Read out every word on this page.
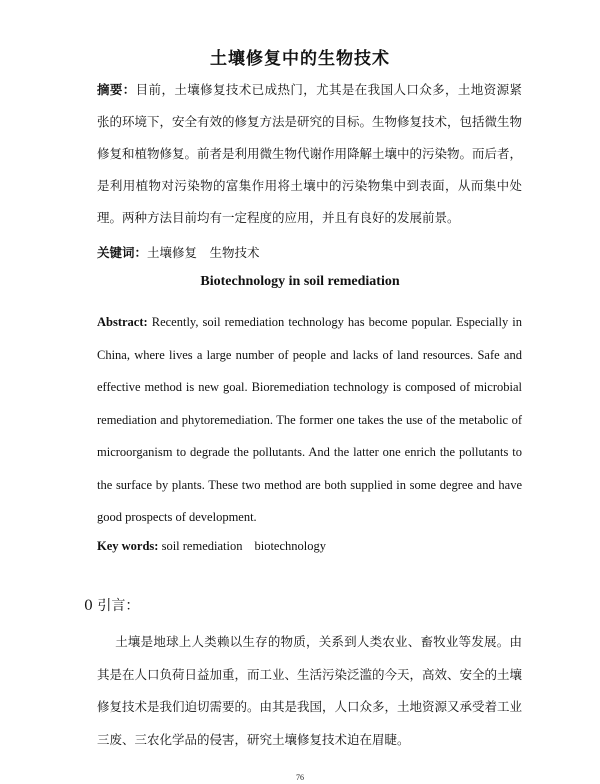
土壤修复中的生物技术
摘要：目前，土壤修复技术已成热门，尤其是在我国人口众多，土地资源紧张的环境下，安全有效的修复方法是研究的目标。生物修复技术，包括微生物修复和植物修复。前者是利用微生物代谢作用降解土壤中的污染物。而后者，是利用植物对污染物的富集作用将土壤中的污染物集中到表面，从而集中处理。两种方法目前均有一定程度的应用，并且有良好的发展前景。
关键词：土壤修复　生物技术
Biotechnology in soil remediation
Abstract: Recently, soil remediation technology has become popular. Especially in China, where lives a large number of people and lacks of land resources. Safe and effective method is new goal. Bioremediation technology is composed of microbial remediation and phytoremediation. The former one takes the use of the metabolic of microorganism to degrade the pollutants. And the latter one enrich the pollutants to the surface by plants. These two method are both supplied in some degree and have good prospects of development.
Key words: soil remediation biotechnology
0 引言：
土壤是地球上人类赖以生存的物质，关系到人类农业、畜牧业等发展。由其是在人口负荷日益加重，而工业、生活污染泛滥的今天，高效、安全的土壤修复技术是我们迫切需要的。由其是我国，人口众多，土地资源又承受着工业三废、三农化学品的侵害，研究土壤修复技术迫在眉睫。
76
